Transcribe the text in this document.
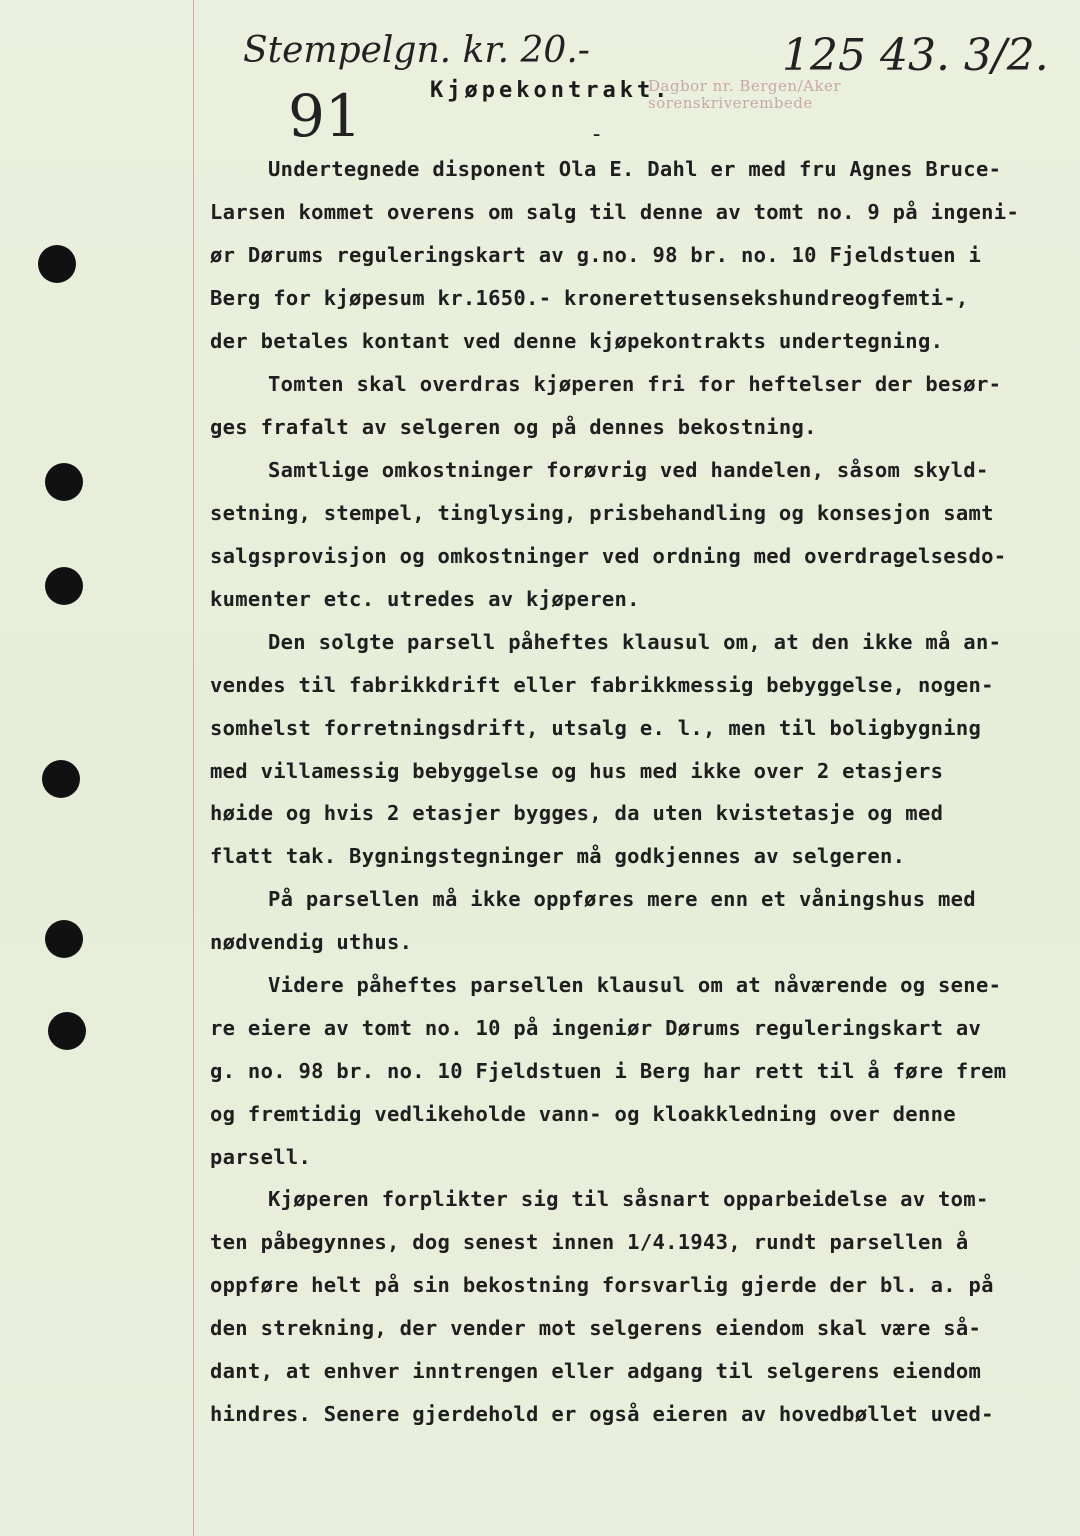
Stempelgn. kr. 20.-
Dagbor nr. Bergen/Aker sorenskriverembede
125 43. 3/2.
91	Kjøpekontrakt.
-
Undertegnede disponent Ola E. Dahl er med fru Agnes Bruce-
Larsen kommet overens om salg til denne av tomt no. 9 på ingeni-
ør Dørums reguleringskart av g.no. 98 br. no. 10 Fjeldstuen i
Berg for kjøpesum kr.1650.- kronerettusensekshundreogfemti-,
der betales kontant ved denne kjøpekontrakts undertegning.
Tomten skal overdras kjøperen fri for heftelser der besør-
ges frafalt av selgeren og på dennes bekostning.
Samtlige omkostninger forøvrig ved handelen, såsom skyld-
setning, stempel, tinglysing, prisbehandling og konsesjon samt
salgsprovisjon og omkostninger ved ordning med overdragelsesdo-
kumenter etc. utredes av kjøperen.
Den solgte parsell påheftes klausul om, at den ikke må an-
vendes til fabrikkdrift eller fabrikkmessig bebyggelse, nogen-
somhelst forretningsdrift, utsalg e. l., men til boligbygning
med villamessig bebyggelse og hus med ikke over 2 etasjers
høide og hvis 2 etasjer bygges, da uten kvistetasje og med
flatt tak. Bygningstegninger må godkjennes av selgeren.
På parsellen må ikke oppføres mere enn et våningshus med
nødvendig uthus.
Videre påheftes parsellen klausul om at nåværende og sene-
re eiere av tomt no. 10 på ingeniør Dørums reguleringskart av
g. no. 98 br. no. 10 Fjeldstuen i Berg har rett til å føre frem
og fremtidig vedlikeholde vann- og kloakkledning over denne
parsell.
Kjøperen forplikter sig til såsnart opparbeidelse av tom-
ten påbegynnes, dog senest innen 1/4.1943, rundt parsellen å
oppføre helt på sin bekostning forsvarlig gjerde der bl. a. på
den strekning, der vender mot selgerens eiendom skal være så-
dant, at enhver inntrengen eller adgang til selgerens eiendom
hindres. Senere gjerdehold er også eieren av hovedbøllet uved-
